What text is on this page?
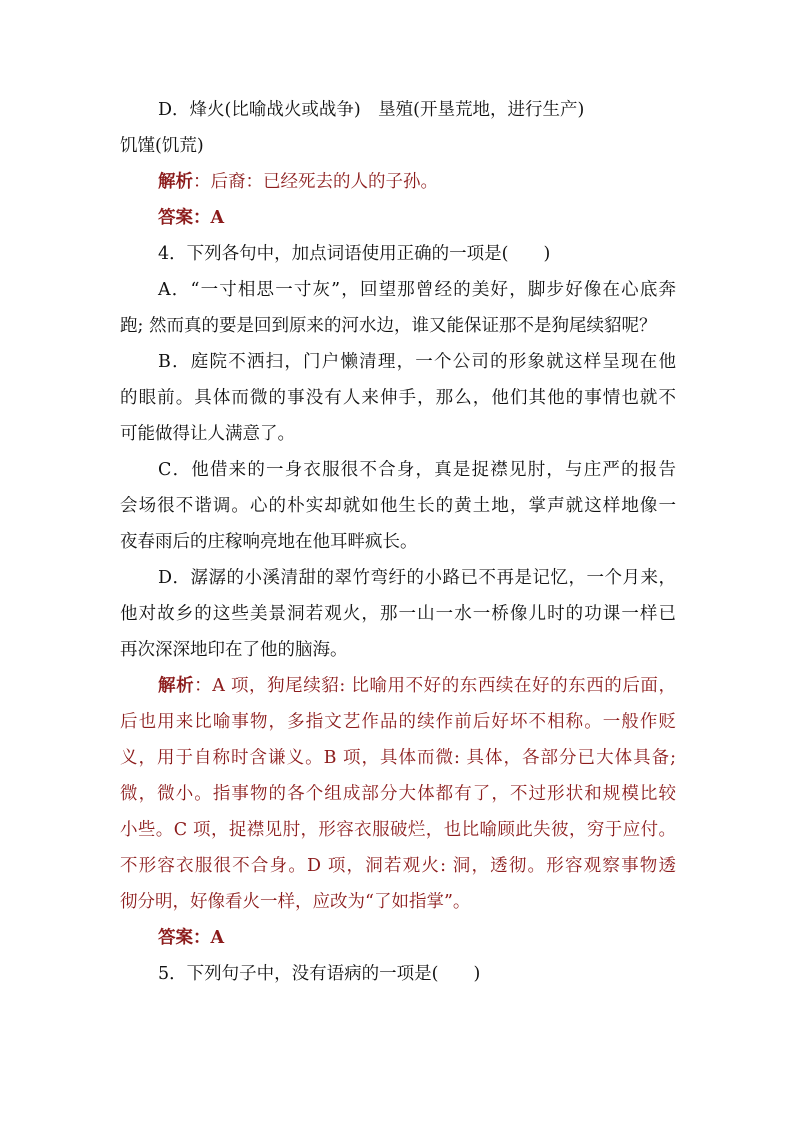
D．烽火(比喻战火或战争)　垦殖(开垦荒地，进行生产)
饥馑(饥荒)
解析：后裔：已经死去的人的子孙。
答案：A
4．下列各句中，加点词语使用正确的一项是(　　)
A．“一寸相思一寸灰”，回望那曾经的美好，脚步好像在心底奔
跑; 然而真的要是回到原来的河水边，谁又能保证那不是狗尾续貂呢？
B．庭院不洒扫，门户懒清理，一个公司的形象就这样呈现在他
的眼前。具体而微的事没有人来伸手，那么，他们其他的事情也就不
可能做得让人满意了。
C．他借来的一身衣服很不合身，真是捉襟见肘，与庄严的报告
会场很不谐调。心的朴实却就如他生长的黄土地，掌声就这样地像一
夜春雨后的庄稼响亮地在他耳畔疯长。
D．潺潺的小溪清甜的翠竹弯纡的小路已不再是记忆，一个月来，
他对故乡的这些美景洞若观火，那一山一水一桥像儿时的功课一样已
再次深深地印在了他的脑海。
解析：A 项，狗尾续貂: 比喻用不好的东西续在好的东西的后面，
后也用来比喻事物，多指文艺作品的续作前后好坏不相称。一般作贬
义，用于自称时含谦义。B 项，具体而微: 具体，各部分已大体具备;
微，微小。指事物的各个组成部分大体都有了，不过形状和规模比较
小些。C 项，捉襟见肘，形容衣服破烂，也比喻顾此失彼，穷于应付。
不形容衣服很不合身。D 项，洞若观火: 洞，透彻。形容观察事物透
彻分明，好像看火一样，应改为“了如指掌”。
答案：A
5．下列句子中，没有语病的一项是(　　)
